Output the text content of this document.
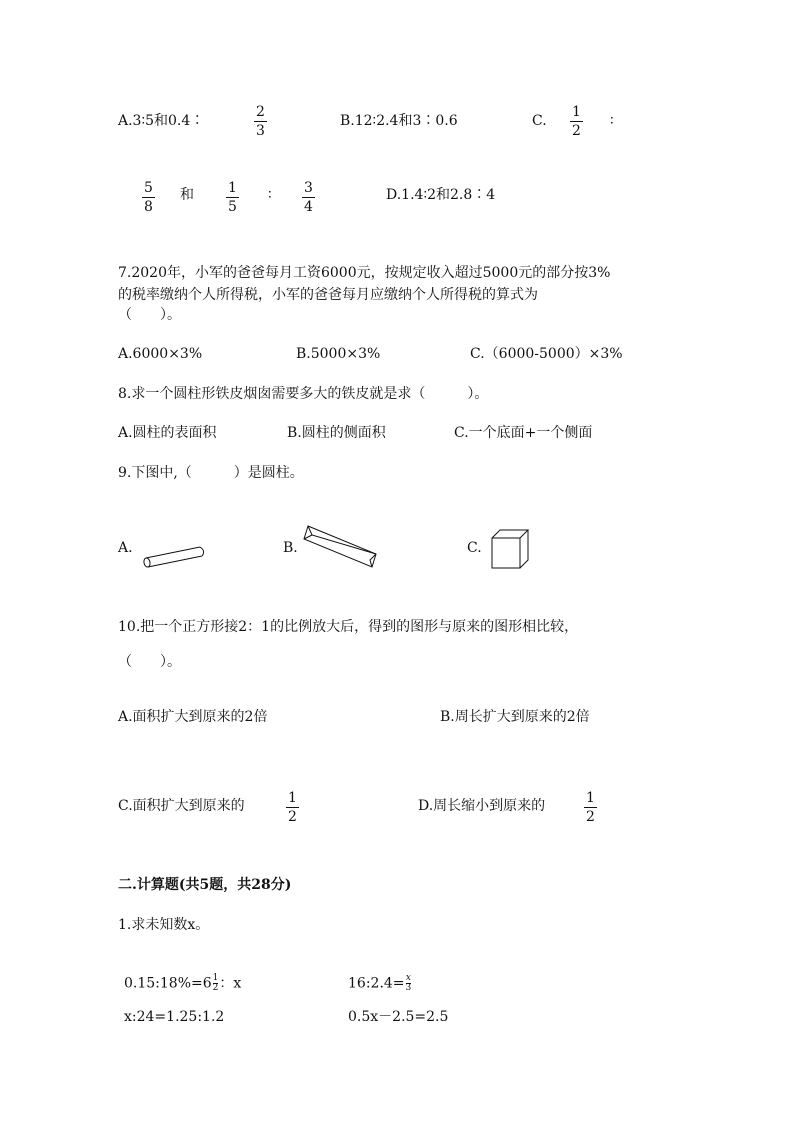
A.3∶5和0.4∶
2
3
B.12∶2.4和3∶0.6	C.
1
2
∶
5
8
和 1
5
∶ 3
4
D.1.4∶2和2.8∶4
7.2020年，小军的爸爸每月工资6000元，按规定收入超过5000元的部分按3%
的税率缴纳个人所得税，小军的爸爸每月应缴纳个人所得税的算式为
（　　）。
A.6000×3%	B.5000×3%	C.（6000-5000）×3%
8.求一个圆柱形铁皮烟囱需要多大的铁皮就是求（　　　）。
A.圆柱的表面积	B.圆柱的侧面积	C.一个底面+一个侧面
9.下图中,（　　　）是圆柱。
A.	B.	C.
10.把一个正方形接2：1的比例放大后，得到的图形与原来的图形相比较，
（　　）。
A.面积扩大到原来的2倍	B.周长扩大到原来的2倍
C.面积扩大到原来的	1
2
D.周长缩小到原来的	1
2
二.计算题(共5题，共28分)
1.求未知数x。
0.15:18%=6 $\frac{1}{2}$ ：x	16:2.4= $\frac{x}{3}$
x:24=1.25:1.2	0.5x－2.5=2.5
